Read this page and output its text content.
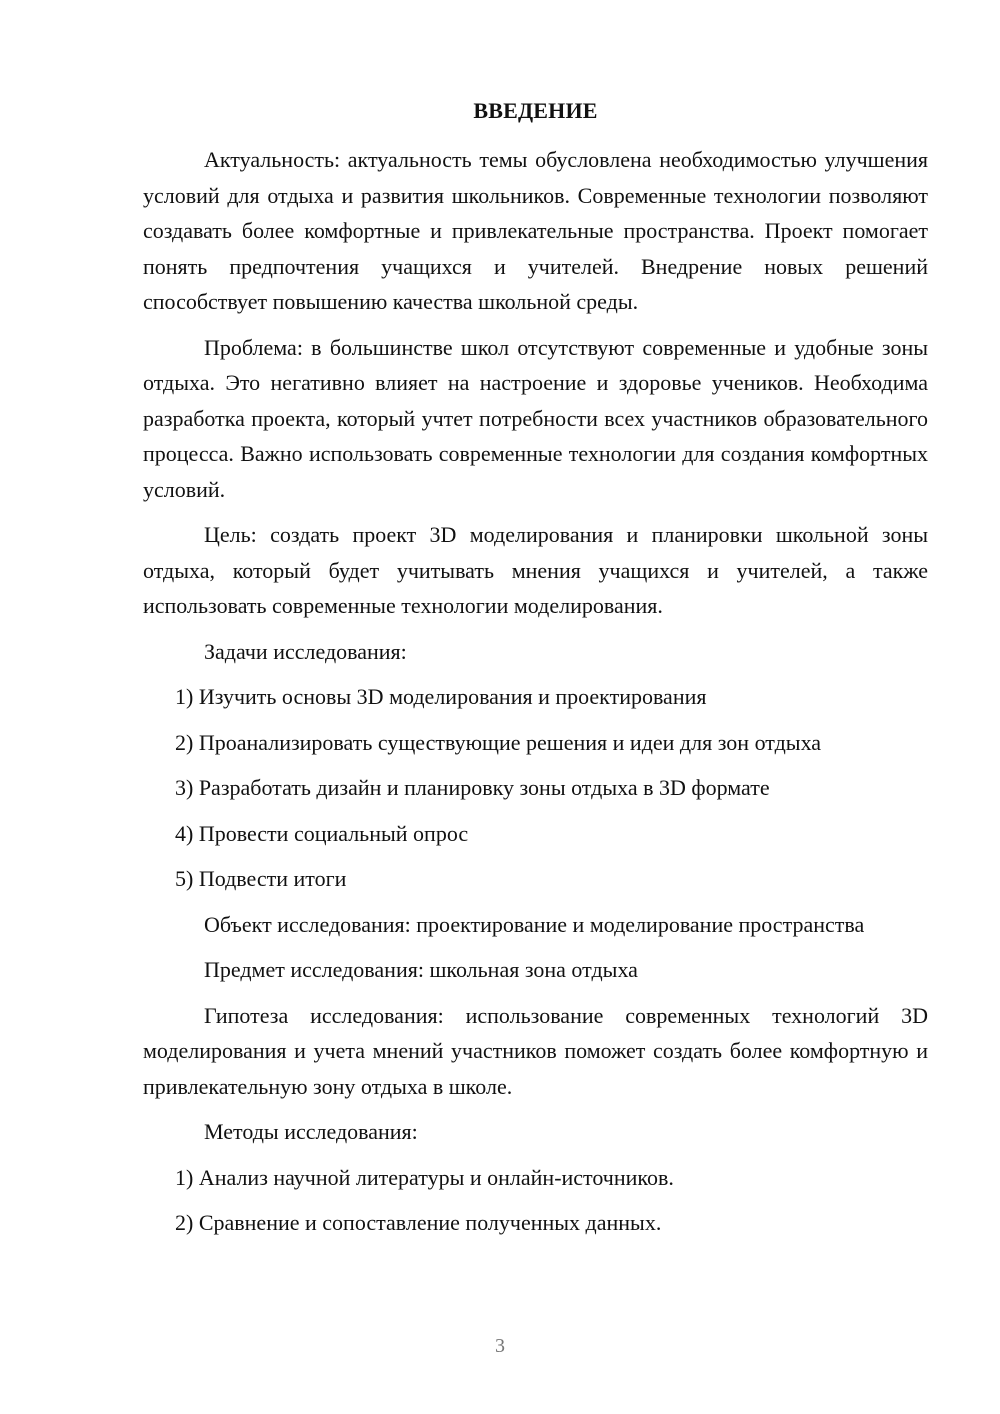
ВВЕДЕНИЕ

Актуальность: актуальность темы обусловлена необходимостью улучшения условий для отдыха и развития школьников. Современные технологии позволяют создавать более комфортные и привлекательные пространства. Проект помогает понять предпочтения учащихся и учителей. Внедрение новых решений способствует повышению качества школьной среды.

Проблема: в большинстве школ отсутствуют современные и удобные зоны отдыха. Это негативно влияет на настроение и здоровье учеников. Необходима разработка проекта, который учтет потребности всех участников образовательного процесса. Важно использовать современные технологии для создания комфортных условий.

Цель: создать проект 3D моделирования и планировки школьной зоны отдыха, который будет учитывать мнения учащихся и учителей, а также использовать современные технологии моделирования.

Задачи исследования:

1) Изучить основы 3D моделирования и проектирования
2) Проанализировать существующие решения и идеи для зон отдыха
3) Разработать дизайн и планировку зоны отдыха в 3D формате
4) Провести социальный опрос
5) Подвести итоги

Объект исследования: проектирование и моделирование пространства

Предмет исследования: школьная зона отдыха

Гипотеза исследования: использование современных технологий 3D моделирования и учета мнений участников поможет создать более комфортную и привлекательную зону отдыха в школе.

Методы исследования:

1) Анализ научной литературы и онлайн-источников.
2) Сравнение и сопоставление полученных данных.
3
